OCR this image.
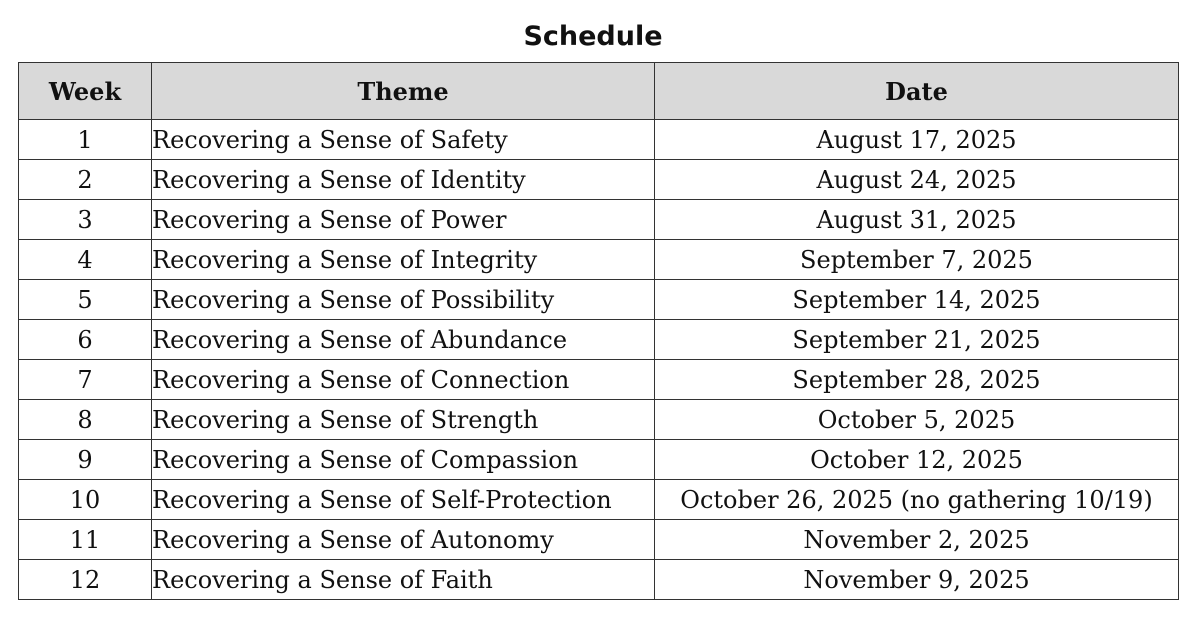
Schedule
Week	Theme	Date
1	Recovering a Sense of Safety	August 17, 2025
2	Recovering a Sense of Identity	August 24, 2025
3	Recovering a Sense of Power	August 31, 2025
4	Recovering a Sense of Integrity	September 7, 2025
5	Recovering a Sense of Possibility	September 14, 2025
6	Recovering a Sense of Abundance	September 21, 2025
7	Recovering a Sense of Connection	September 28, 2025
8	Recovering a Sense of Strength	October 5, 2025
9	Recovering a Sense of Compassion	October 12, 2025
10	Recovering a Sense of Self-Protection	October 26, 2025 (no gathering 10/19)
11	Recovering a Sense of Autonomy	November 2, 2025
12	Recovering a Sense of Faith	November 9, 2025
